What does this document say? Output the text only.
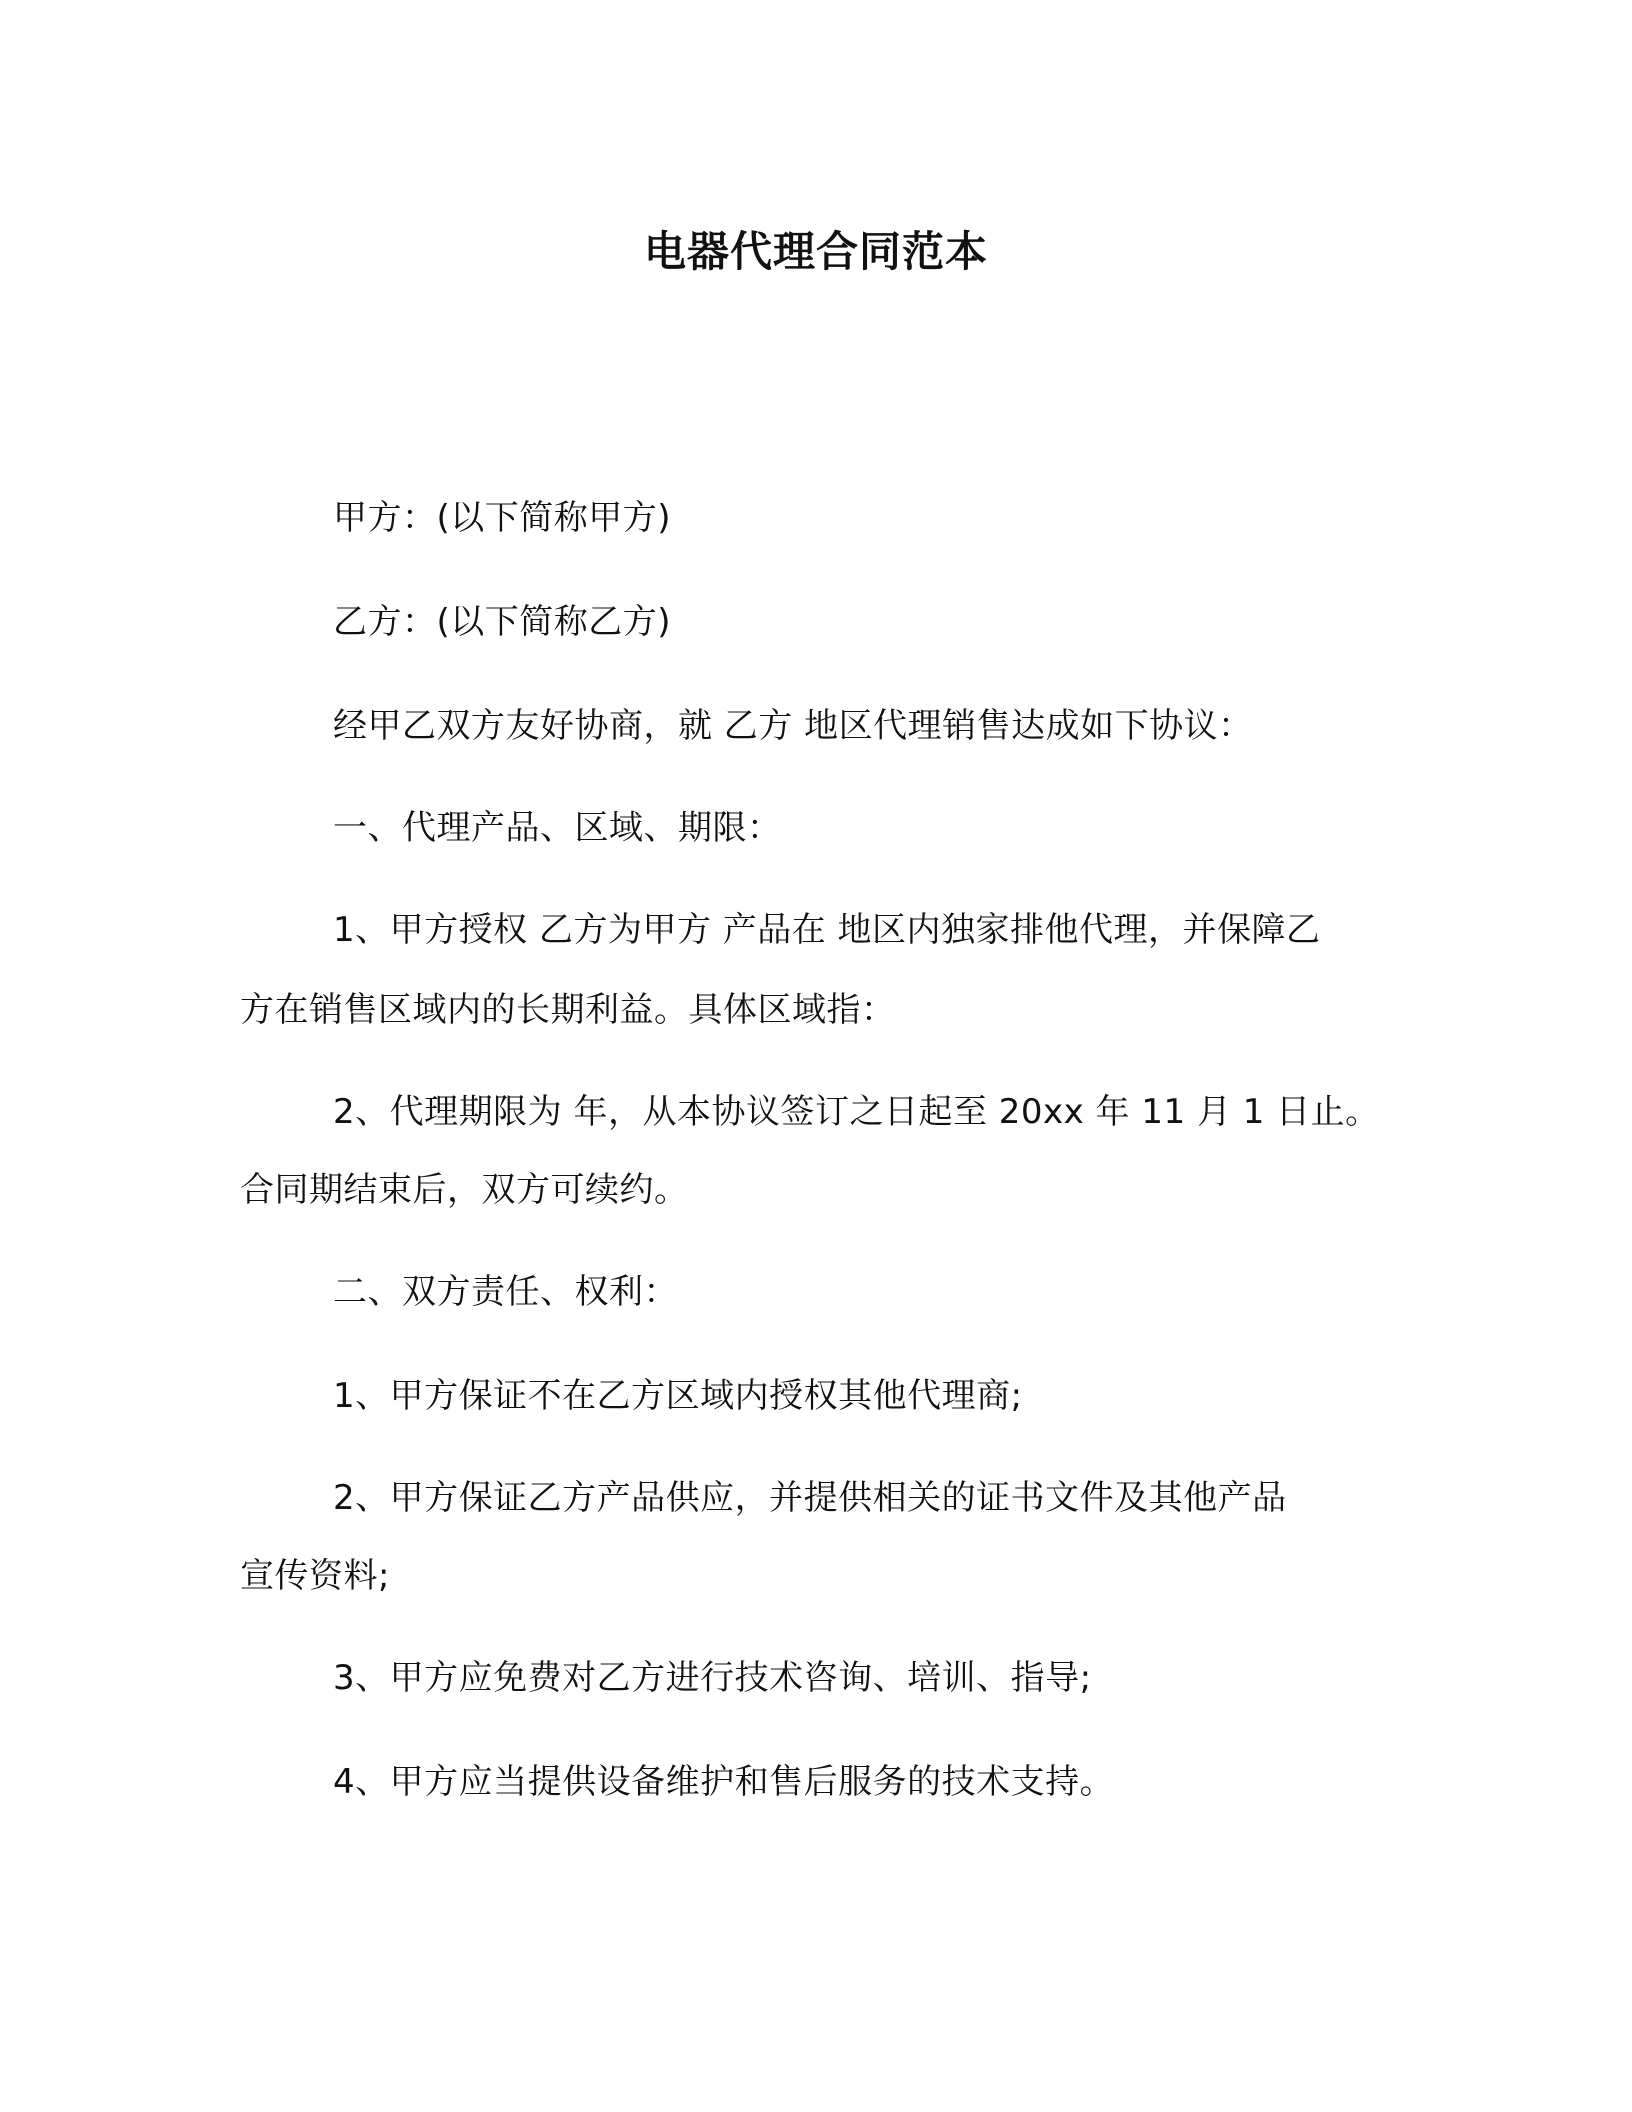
电器代理合同范本
甲方：(以下简称甲方)
乙方：(以下简称乙方)
经甲乙双方友好协商，就 乙方 地区代理销售达成如下协议：
一、代理产品、区域、期限：
1、甲方授权 乙方为甲方 产品在 地区内独家排他代理，并保障乙
方在销售区域内的长期利益。具体区域指：
2、代理期限为 年，从本协议签订之日起至 20xx 年 11 月 1 日止。
合同期结束后，双方可续约。
二、双方责任、权利：
1、甲方保证不在乙方区域内授权其他代理商;
2、甲方保证乙方产品供应，并提供相关的证书文件及其他产品
宣传资料;
3、甲方应免费对乙方进行技术咨询、培训、指导;
4、甲方应当提供设备维护和售后服务的技术支持。
